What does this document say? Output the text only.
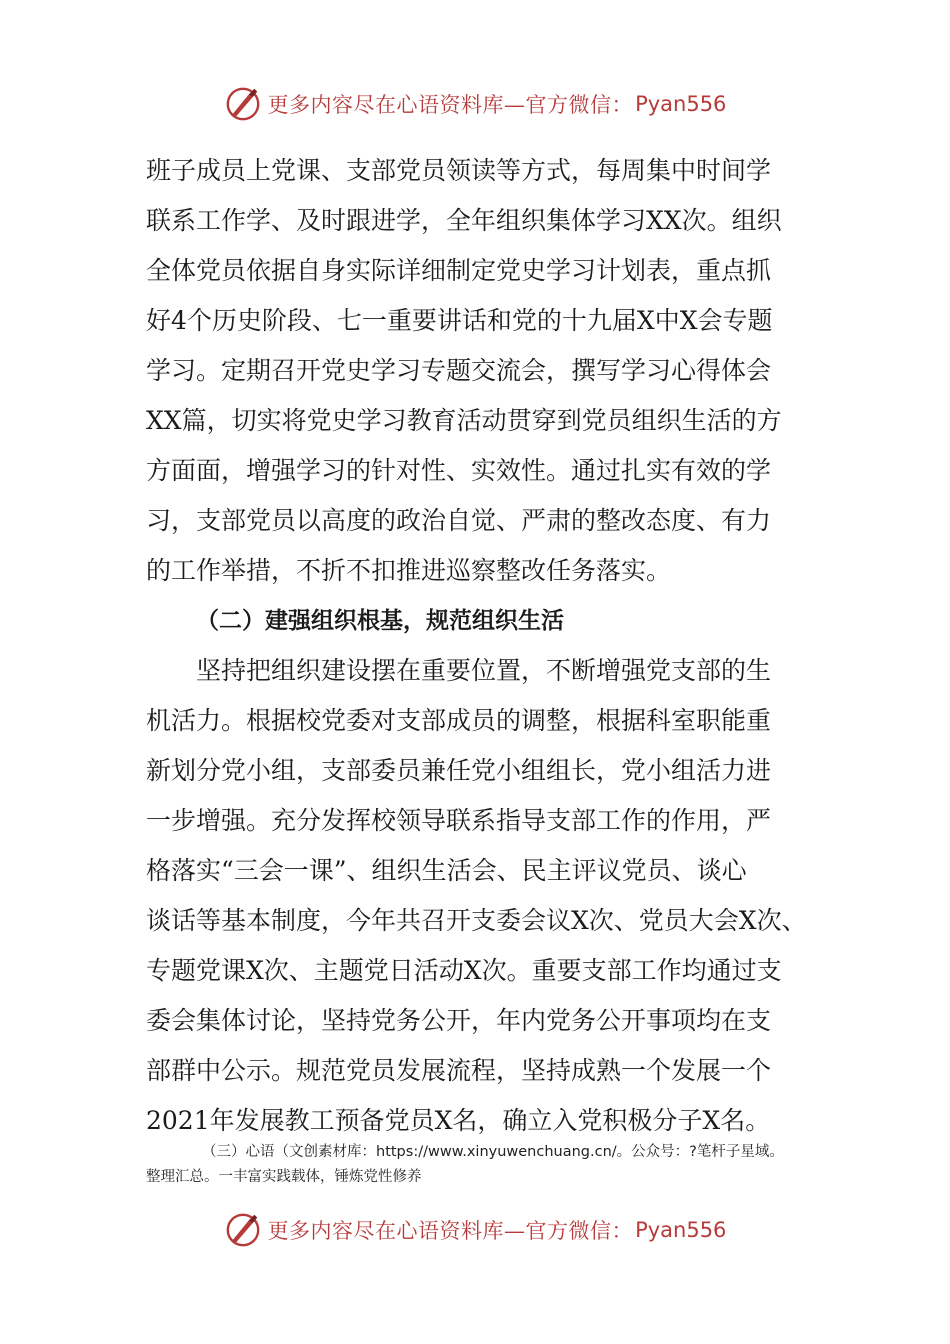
更多内容尽在心语资料库—官方微信： Pyan556
班子成员上党课、支部党员领读等方式，每周集中时间学
联系工作学、及时跟进学，全年组织集体学习XX次。组织
全体党员依据自身实际详细制定党史学习计划表，重点抓
好4个历史阶段、七一重要讲话和党的十九届X中X会专题
学习。定期召开党史学习专题交流会，撰写学习心得体会
XX篇，切实将党史学习教育活动贯穿到党员组织生活的方
方面面，增强学习的针对性、实效性。通过扎实有效的学
习，支部党员以高度的政治自觉、严肃的整改态度、有力
的工作举措，不折不扣推进巡察整改任务落实。
（二）建强组织根基，规范组织生活
坚持把组织建设摆在重要位置，不断增强党支部的生
机活力。根据校党委对支部成员的调整，根据科室职能重
新划分党小组，支部委员兼任党小组组长，党小组活力进
一步增强。充分发挥校领导联系指导支部工作的作用，严
格落实“三会一课”、组织生活会、民主评议党员、谈心
谈话等基本制度，今年共召开支委会议X次、党员大会X次、
专题党课X次、主题党日活动X次。重要支部工作均通过支
委会集体讨论，坚持党务公开，年内党务公开事项均在支
部群中公示。规范党员发展流程，坚持成熟一个发展一个
2021年发展教工预备党员X名，确立入党积极分子X名。
（三）心语（文创素材库：https://www.xinyuwenchuang.cn/。公众号：?笔杆子星域。
整理汇总。一丰富实践载体，锤炼党性修养
更多内容尽在心语资料库—官方微信： Pyan556
